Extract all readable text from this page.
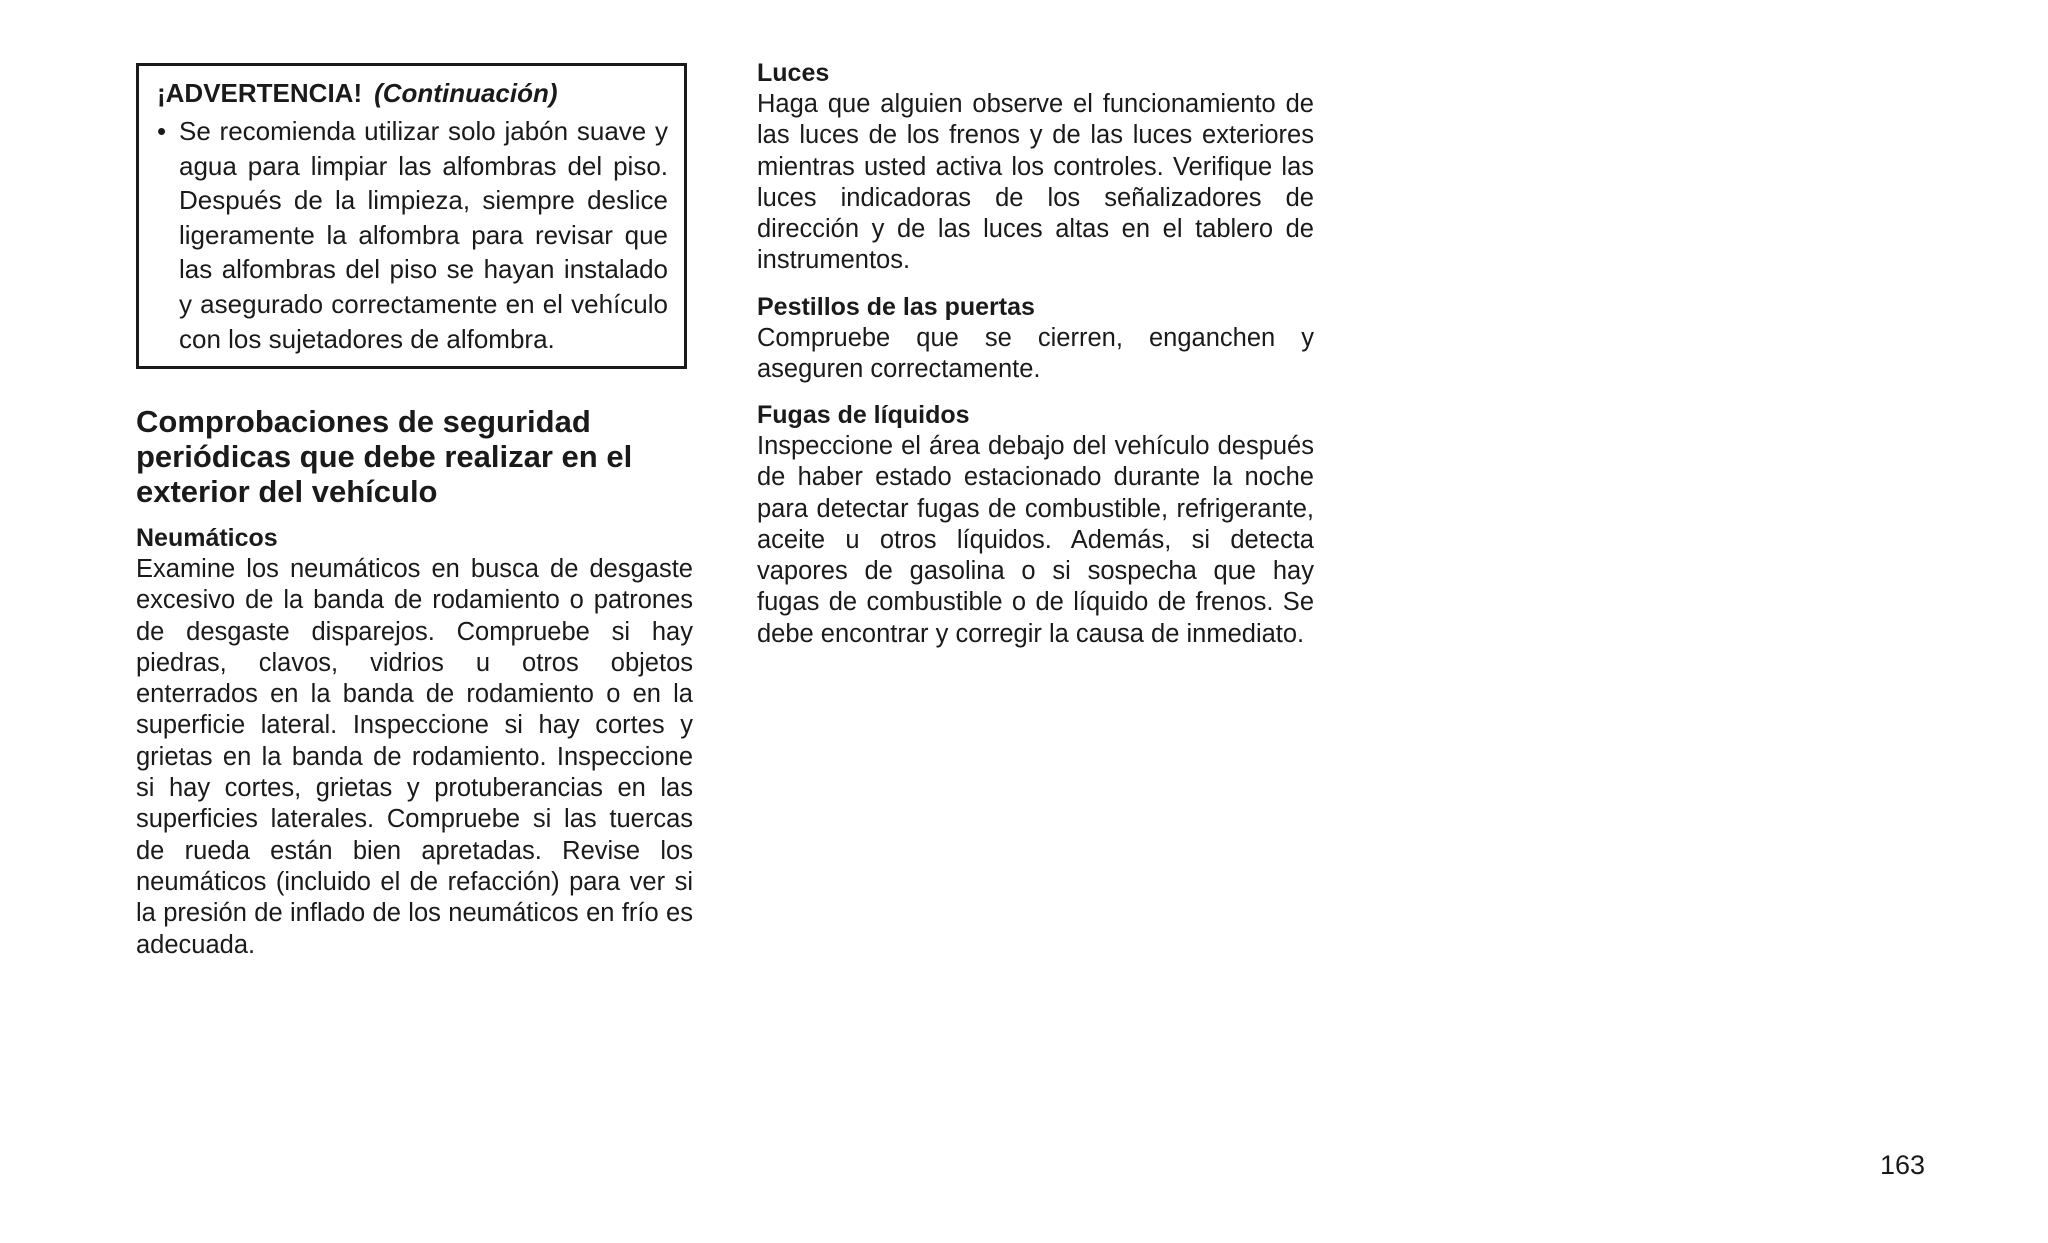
¡ADVERTENCIA! (Continuación)
• Se recomienda utilizar solo jabón suave y agua para limpiar las alfombras del piso. Después de la limpieza, siempre deslice ligeramente la alfombra para revisar que las alfombras del piso se hayan instalado y asegurado correctamente en el vehículo con los sujetadores de alfombra.
Comprobaciones de seguridad periódicas que debe realizar en el exterior del vehículo
Neumáticos

Examine los neumáticos en busca de desgaste excesivo de la banda de rodamiento o patrones de desgaste disparejos. Compruebe si hay piedras, clavos, vidrios u otros objetos enterrados en la banda de rodamiento o en la superficie lateral. Inspeccione si hay cortes y grietas en la banda de rodamiento. Inspeccione si hay cortes, grietas y protuberancias en las superficies laterales. Compruebe si las tuercas de rueda están bien apretadas. Revise los neumáticos (incluido el de refacción) para ver si la presión de inflado de los neumáticos en frío es adecuada.

Luces

Haga que alguien observe el funcionamiento de las luces de los frenos y de las luces exteriores mientras usted activa los controles. Verifique las luces indicadoras de los señalizadores de dirección y de las luces altas en el tablero de instrumentos.

Pestillos de las puertas

Compruebe que se cierren, enganchen y aseguren correctamente.

Fugas de líquidos

Inspeccione el área debajo del vehículo después de haber estado estacionado durante la noche para detectar fugas de combustible, refrigerante, aceite u otros líquidos. Además, si detecta vapores de gasolina o si sospecha que hay fugas de combustible o de líquido de frenos. Se debe encontrar y corregir la causa de inmediato.

163
